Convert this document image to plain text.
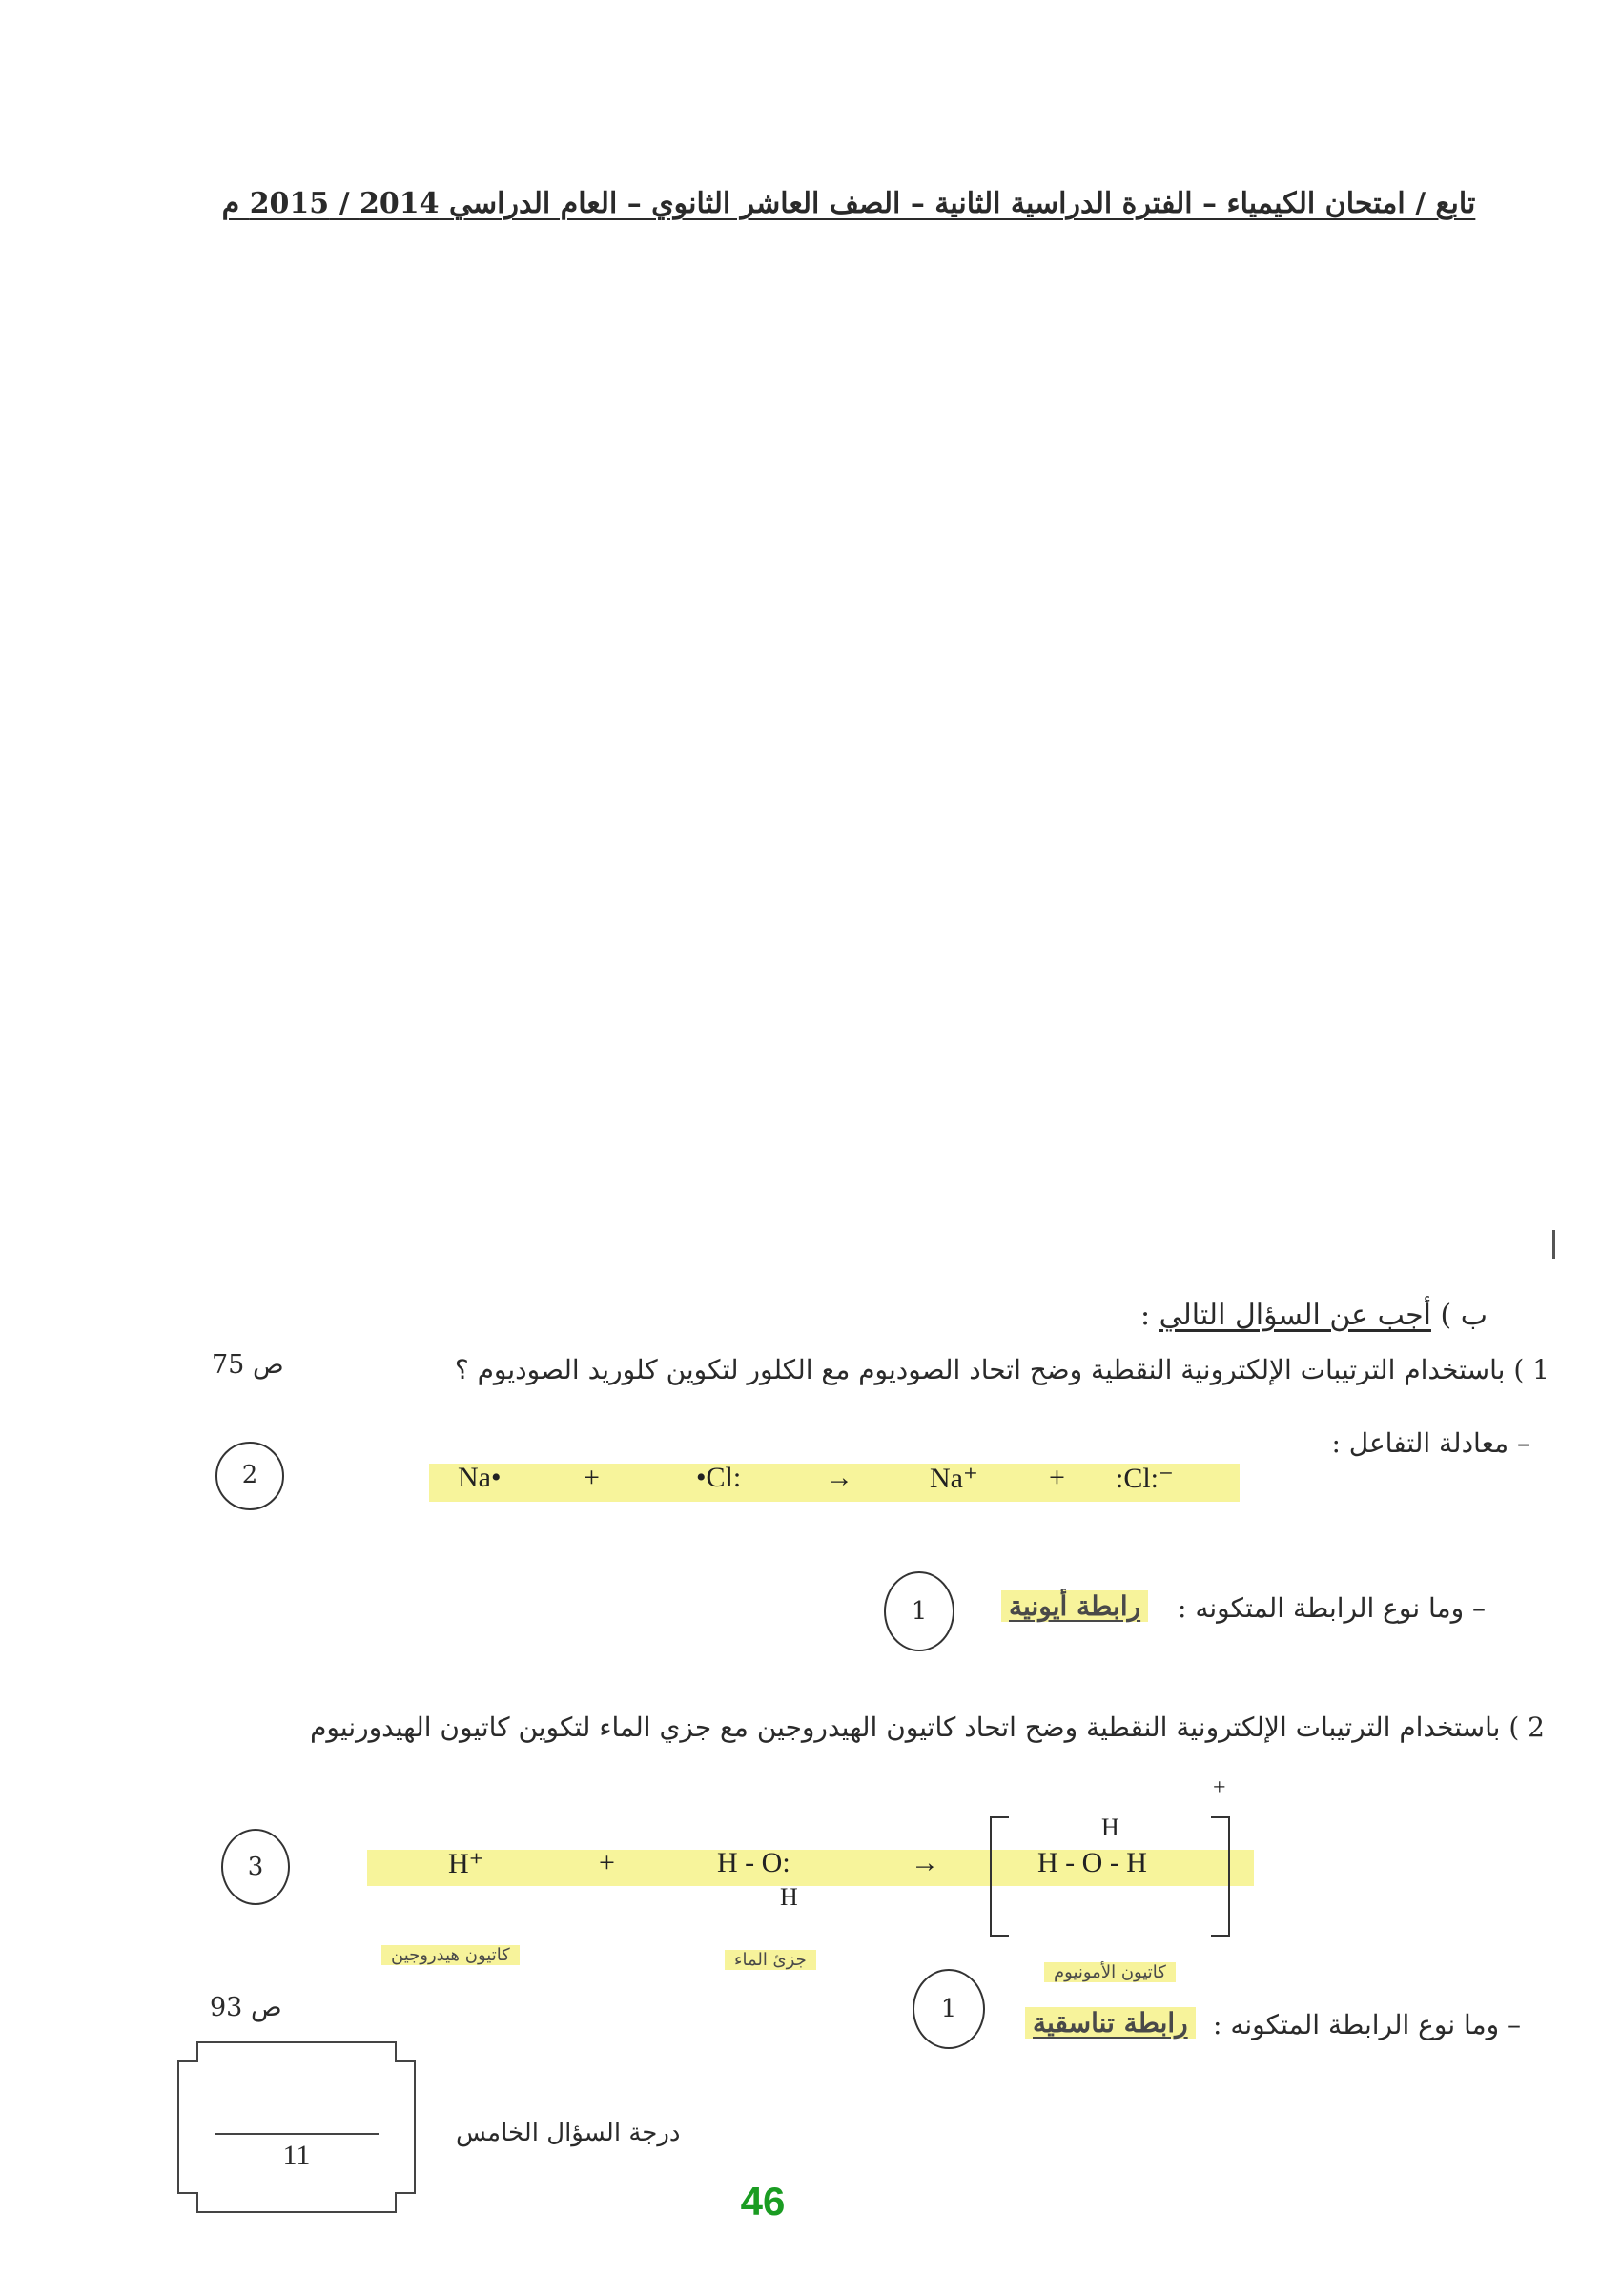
تابع / امتحان الكيمياء – الفترة الدراسية الثانية – الصف العاشر الثانوي – العام الدراسي 2014 / 2015 م
ب ) أجب عن السؤال التالي :
1 ) باستخدام الترتيبات الإلكترونية النقطية وضح اتحاد الصوديوم مع الكلور لتكوين كلوريد الصوديوم ؟
ص 75
– معادلة التفاعل :
2	Na•	+	•Cl:	→	Na⁺ + :Cl:⁻
– وما نوع الرابطة المتكونه :
رابطة أيونية
1
2 ) باستخدام الترتيبات الإلكترونية النقطية وضح اتحاد كاتيون الهيدروجين مع جزي الماء لتكوين كاتيون الهيدورنيوم
+
3	H⁺	+	H - O:
H
→
H
H - O - H
كاتيون هيدروجين	جزئ الماء
كاتيون الأمونيوم
ص 93	1	رابطة تناسقية – وما نوع الرابطة المتكونه :
11
درجة السؤال الخامس
46
